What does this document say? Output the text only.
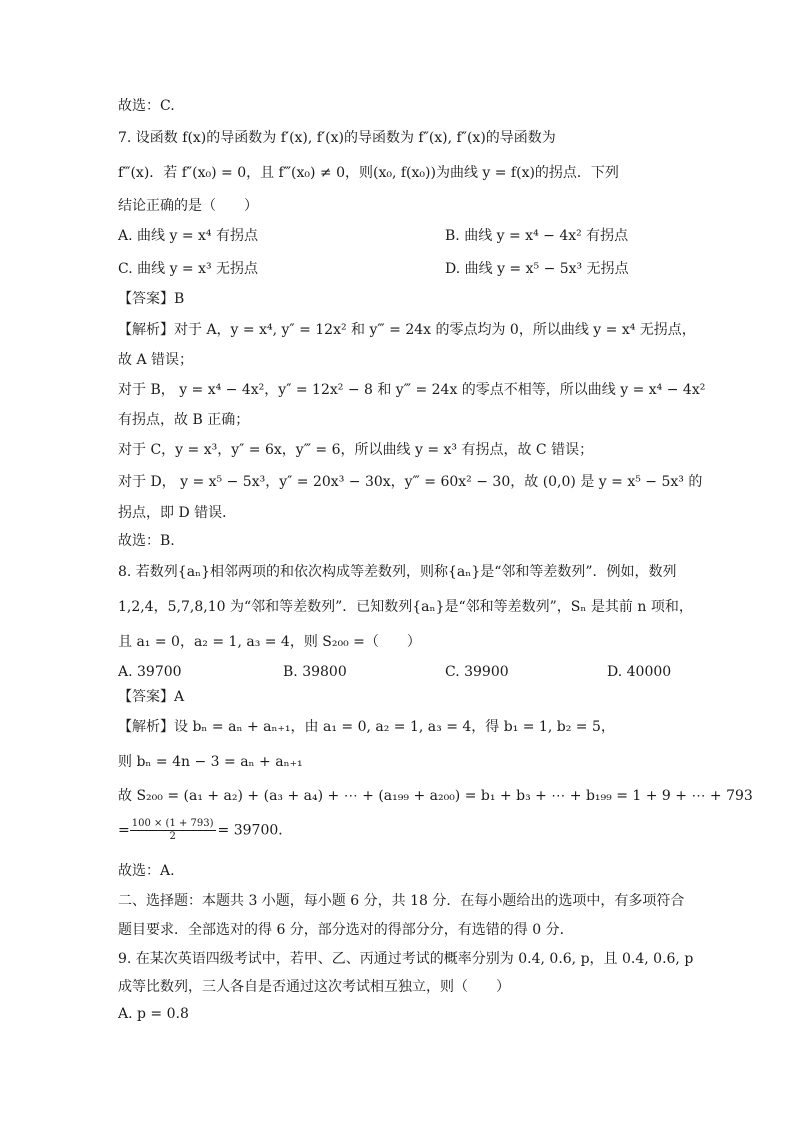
故选：C.
7. 设函数 f(x)的导函数为 f′(x), f′(x)的导函数为 f″(x), f″(x)的导函数为
f‴(x)．若 f″(x₀) = 0，且 f‴(x₀) ≠ 0，则(x₀, f(x₀))为曲线 y = f(x)的拐点．下列
结论正确的是（　　）
A. 曲线 y = x⁴ 有拐点	B. 曲线 y = x⁴ − 4x² 有拐点
C. 曲线 y = x³ 无拐点	D. 曲线 y = x⁵ − 5x³ 无拐点
【答案】B
【解析】对于 A，y = x⁴, y″ = 12x² 和 y‴ = 24x 的零点均为 0，所以曲线 y = x⁴ 无拐点，
故 A 错误；
对于 B， y = x⁴ − 4x²，y″ = 12x² − 8 和 y‴ = 24x 的零点不相等，所以曲线 y = x⁴ − 4x²
有拐点，故 B 正确；
对于 C，y = x³，y″ = 6x，y‴ = 6，所以曲线 y = x³ 有拐点，故 C 错误；
对于 D， y = x⁵ − 5x³，y″ = 20x³ − 30x，y‴ = 60x² − 30，故 (0,0) 是 y = x⁵ − 5x³ 的
拐点，即 D 错误．
故选：B.
8. 若数列{aₙ}相邻两项的和依次构成等差数列，则称{aₙ}是“邻和等差数列”．例如，数列
1,2,4，5,7,8,10 为“邻和等差数列”．已知数列{aₙ}是“邻和等差数列”，Sₙ 是其前 n 项和，
且 a₁ = 0，a₂ = 1, a₃ = 4，则 S₂₀₀ =（　　）
A. 39700	B. 39800	C. 39900	D. 40000
【答案】A
【解析】设 bₙ = aₙ + aₙ₊₁，由 a₁ = 0, a₂ = 1, a₃ = 4，得 b₁ = 1, b₂ = 5，
则 bₙ = 4n − 3 = aₙ + aₙ₊₁
故 S₂₀₀ = (a₁ + a₂) + (a₃ + a₄) + ⋯ + (a₁₉₉ + a₂₀₀) = b₁ + b₃ + ⋯ + b₁₉₉ = 1 + 9 + ⋯ + 793
= $\frac{100 \times (1 + 793)}{2} = 39700$．
故选：A.
二、选择题：本题共 3 小题，每小题 6 分，共 18 分．在每小题给出的选项中，有多项符合
题目要求．全部选对的得 6 分，部分选对的得部分分，有选错的得 0 分．
9. 在某次英语四级考试中，若甲、乙、丙通过考试的概率分别为 0.4, 0.6, p，且 0.4, 0.6, p
成等比数列，三人各自是否通过这次考试相互独立，则（　　）
A. p = 0.8
